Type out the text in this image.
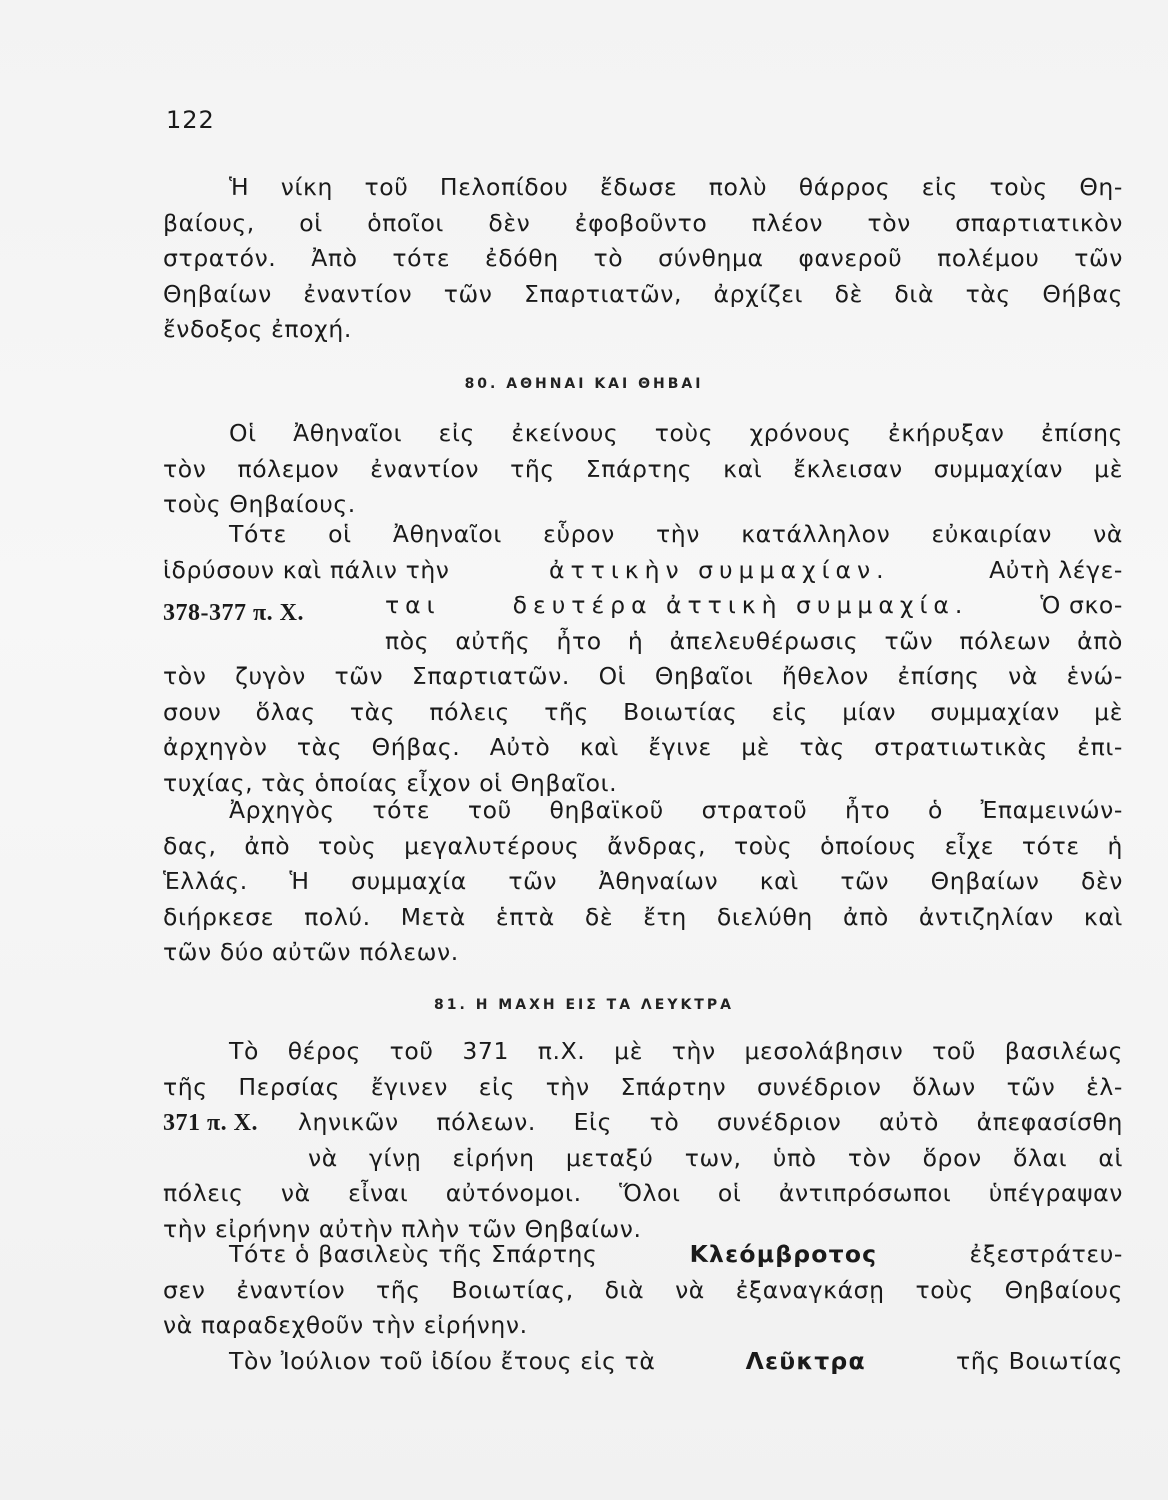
122
Ἡ νίκη τοῦ Πελοπίδου ἔδωσε πολὺ θάρρος εἰς τοὺς Θη-
βαίους, οἱ ὁποῖοι δὲν ἐφοβοῦντο πλέον τὸν σπαρτιατικὸν
στρατόν. Ἀπὸ τότε ἐδόθη τὸ σύνθημα φανεροῦ πολέμου τῶν
Θηβαίων ἐναντίον τῶν Σπαρτιατῶν, ἀρχίζει δὲ διὰ τὰς Θήβας
ἔνδοξος ἐποχή.
80. ΑΘΗΝΑΙ ΚΑΙ ΘΗΒΑΙ
Οἱ Ἀθηναῖοι εἰς ἐκείνους τοὺς χρόνους ἐκήρυξαν ἐπίσης
τὸν πόλεμον ἐναντίον τῆς Σπάρτης καὶ ἔκλεισαν συμμαχίαν μὲ
τοὺς Θηβαίους.
Τότε οἱ Ἀθηναῖοι εὗρον τὴν κατάλληλον εὐκαιρίαν νὰ
ἱδρύσουν καὶ πάλιν τὴν	ἀττικὴν συμμαχίαν.	Αὐτὴ λέγε-
ται	δευτέρα ἀττικὴ συμμαχία.	Ὁ σκο-
πὸς αὐτῆς ἦτο ἡ ἀπελευθέρωσις τῶν πόλεων ἀπὸ
τὸν ζυγὸν τῶν Σπαρτιατῶν. Οἱ Θηβαῖοι ἤθελον ἐπίσης νὰ ἑνώ-
σουν ὅλας τὰς πόλεις τῆς Βοιωτίας εἰς μίαν συμμαχίαν μὲ
ἀρχηγὸν τὰς Θήβας. Αὐτὸ καὶ ἔγινε μὲ τὰς στρατιωτικὰς ἐπι-
τυχίας, τὰς ὁποίας εἶχον οἱ Θηβαῖοι.
378-377 π. Χ.
Ἀρχηγὸς τότε τοῦ θηβαϊκοῦ στρατοῦ ἦτο ὁ Ἐπαμεινών-
δας, ἀπὸ τοὺς μεγαλυτέρους ἄνδρας, τοὺς ὁποίους εἶχε τότε ἡ
Ἑλλάς. Ἡ συμμαχία τῶν Ἀθηναίων καὶ τῶν Θηβαίων δὲν
διήρκεσε πολύ. Μετὰ ἑπτὰ δὲ ἔτη διελύθη ἀπὸ ἀντιζηλίαν καὶ
τῶν δύο αὐτῶν πόλεων.
81. Η ΜΑΧΗ ΕΙΣ ΤΑ ΛΕΥΚΤΡΑ
Τὸ θέρος τοῦ 371 π.Χ. μὲ τὴν μεσολάβησιν τοῦ βασιλέως
τῆς Περσίας ἔγινεν εἰς τὴν Σπάρτην συνέδριον ὅλων τῶν ἑλ-
ληνικῶν πόλεων. Εἰς τὸ συνέδριον αὐτὸ ἀπεφασίσθη
νὰ γίνῃ εἰρήνη μεταξύ των, ὑπὸ τὸν ὅρον ὅλαι αἱ
πόλεις νὰ εἶναι αὐτόνομοι. Ὅλοι οἱ ἀντιπρόσωποι ὑπέγραψαν
τὴν εἰρήνην αὐτὴν πλὴν τῶν Θηβαίων.
371 π. Χ.
Τότε ὁ βασιλεὺς τῆς Σπάρτης	Κλεόμβροτος	ἐξεστράτευ-
σεν ἐναντίον τῆς Βοιωτίας, διὰ νὰ ἐξαναγκάσῃ τοὺς Θηβαίους
νὰ παραδεχθοῦν τὴν εἰρήνην.
Τὸν Ἰούλιον τοῦ ἰδίου ἔτους εἰς τὰ	Λεῦκτρα	τῆς Βοιωτίας
